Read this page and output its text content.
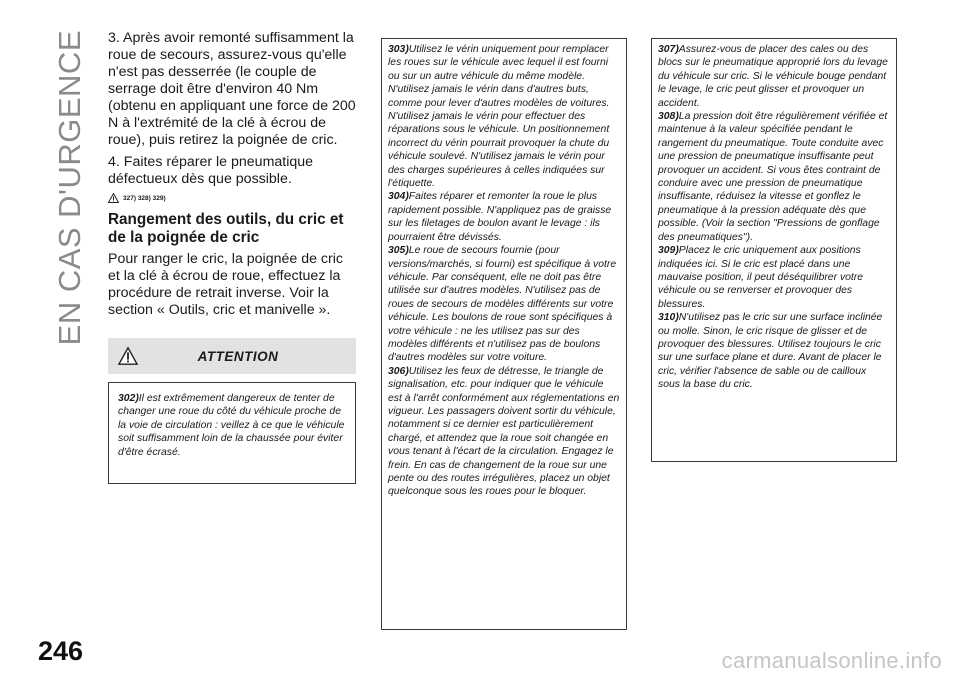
EN CAS D'URGENCE 3. Après avoir remonté suffisamment la roue de secours, assurez-vous qu'elle n'est pas desserrée (le couple de serrage doit être d'environ 40 Nm (obtenu en appliquant une force de 200 N à l'extrémité de la clé à écrou de roue), puis retirez la poignée de cric.

4. Faites réparer le pneumatique défectueux dès que possible.

327) 328) 329)
Rangement des outils, du cric et de la poignée de cric

Pour ranger le cric, la poignée de cric et la clé à écrou de roue, effectuez la procédure de retrait inverse. Voir la section « Outils, cric et manivelle ».

ATTENTION

302)Il est extrêmement dangereux de tenter de changer une roue du côté du véhicule proche de la voie de circulation : veillez à ce que le véhicule soit suffisamment loin de la chaussée pour éviter d'être écrasé.

303)Utilisez le vérin uniquement pour remplacer les roues sur le véhicule avec lequel il est fourni ou sur un autre véhicule du même modèle. N'utilisez jamais le vérin dans d'autres buts, comme pour lever d'autres modèles de voitures. N'utilisez jamais le vérin pour effectuer des réparations sous le véhicule. Un positionnement incorrect du vérin pourrait provoquer la chute du véhicule soulevé. N'utilisez jamais le vérin pour des charges supérieures à celles indiquées sur l'étiquette.

304)Faites réparer et remonter la roue le plus rapidement possible. N'appliquez pas de graisse sur les filetages de boulon avant le levage : ils pourraient être dévissés.

305)Le roue de secours fournie (pour versions/marchés, si fourni) est spécifique à votre véhicule. Par conséquent, elle ne doit pas être utilisée sur d'autres modèles. N'utilisez pas de roues de secours de modèles différents sur votre véhicule. Les boulons de roue sont spécifiques à votre véhicule : ne les utilisez pas sur des modèles différents et n'utilisez pas de boulons d'autres modèles sur votre voiture.

306)Utilisez les feux de détresse, le triangle de signalisation, etc. pour indiquer que le véhicule est à l'arrêt conformément aux réglementations en vigueur. Les passagers doivent sortir du véhicule, notamment si ce dernier est particulièrement chargé, et attendez que la roue soit changée en vous tenant à l'écart de la circulation. Engagez le frein. En cas de changement de la roue sur une pente ou des routes irrégulières, placez un objet quelconque sous les roues pour le bloquer.

307)Assurez-vous de placer des cales ou des blocs sur le pneumatique approprié lors du levage du véhicule sur cric. Si le véhicule bouge pendant le levage, le cric peut glisser et provoquer un accident.

308)La pression doit être régulièrement vérifiée et maintenue à la valeur spécifiée pendant le rangement du pneumatique. Toute conduite avec une pression de pneumatique insuffisante peut provoquer un accident. Si vous êtes contraint de conduire avec une pression de pneumatique insuffisante, réduisez la vitesse et gonflez le pneumatique à la pression adéquate dès que possible. (Voir la section "Pressions de gonflage des pneumatiques").

309)Placez le cric uniquement aux positions indiquées ici. Si le cric est placé dans une mauvaise position, il peut déséquilibrer votre véhicule ou se renverser et provoquer des blessures.

310)N'utilisez pas le cric sur une surface inclinée ou molle. Sinon, le cric risque de glisser et de provoquer des blessures. Utilisez toujours le cric sur une surface plane et dure. Avant de placer le cric, vérifier l'absence de sable ou de cailloux sous la base du cric.

246	carmanualsonline.info
